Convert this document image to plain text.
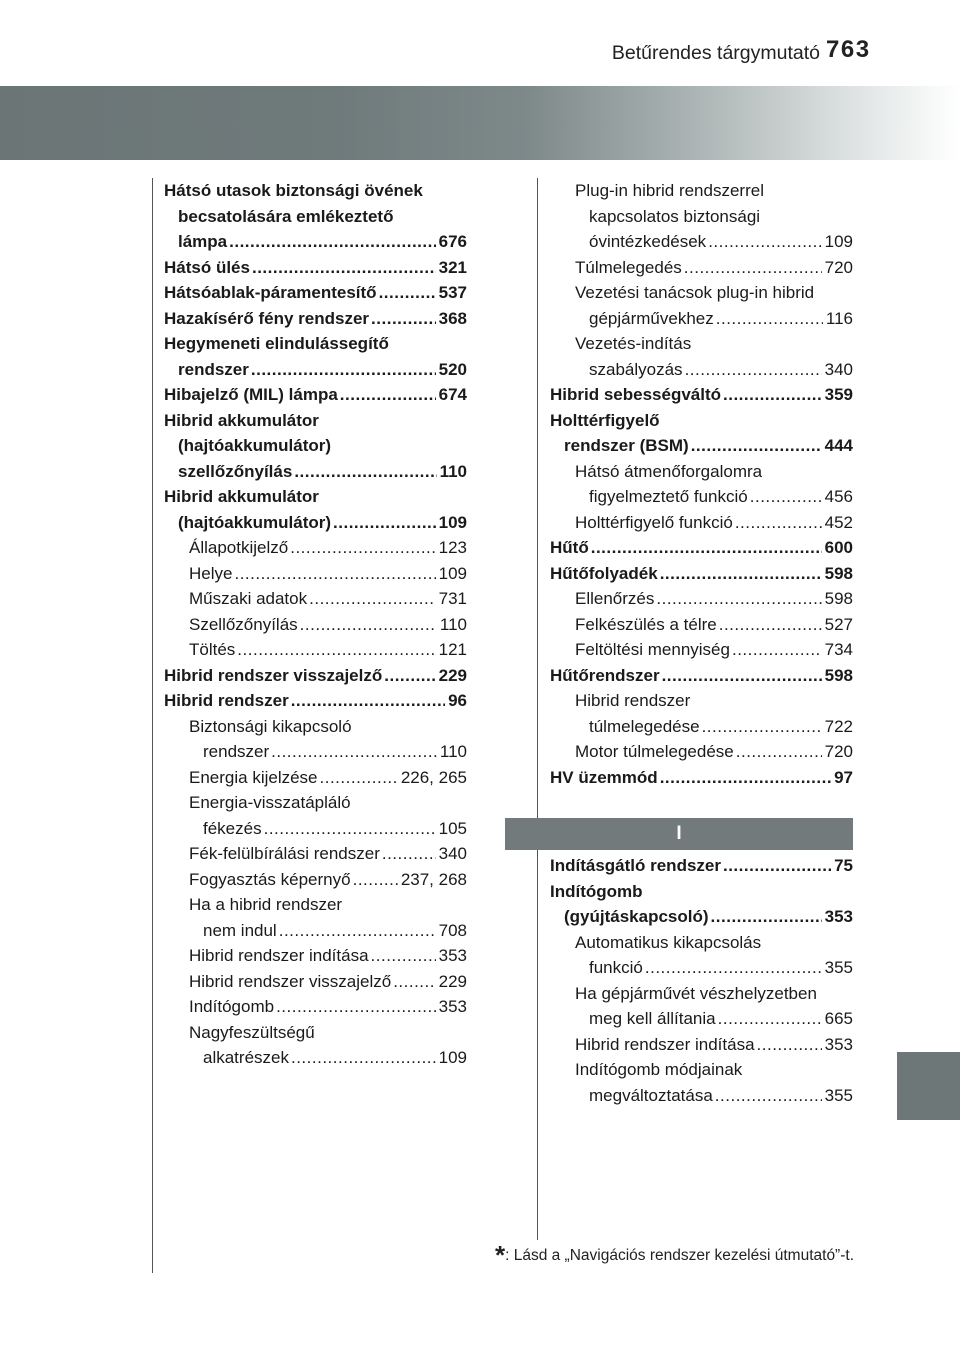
Betűrendes tárgymutató 763
Hátsó utasok biztonsági övének
becsatolására emlékeztető
lámpa .....	676
Hátsó ülés .....	321
Hátsóablak-páramentesítő .....	537
Hazakísérő fény rendszer .....	368
Hegymeneti elindulássegítő
rendszer .....	520
Hibajelző (MIL) lámpa .....	674
Hibrid akkumulátor
(hajtóakkumulátor)
szellőzőnyílás .....	110
Hibrid akkumulátor
(hajtóakkumulátor) .....	109
Állapotkijelző .....	123
Helye .....	109
Műszaki adatok .....	731
Szellőzőnyílás .....	110
Töltés .....	121
Hibrid rendszer visszajelző .....	229
Hibrid rendszer .....	96
Biztonsági kikapcsoló
rendszer .....	110
Energia kijelzése .....	226, 265
Energia-visszatápláló
fékezés .....	105
Fék-felülbírálási rendszer .....	340
Fogyasztás képernyő .....	237, 268
Ha a hibrid rendszer
nem indul .....	708
Hibrid rendszer indítása .....	353
Hibrid rendszer visszajelző .....	229
Indítógomb .....	353
Nagyfeszültségű
alkatrészek .....	109
Plug-in hibrid rendszerrel
kapcsolatos biztonsági
óvintézkedések .....	109
Túlmelegedés .....	720
Vezetési tanácsok plug-in hibrid
gépjárművekhez .....	116
Vezetés-indítás
szabályozás .....	340
Hibrid sebességváltó .....	359
Holttérfigyelő
rendszer (BSM) .....	444
Hátsó átmenőforgalomra
figyelmeztető funkció .....	456
Holttérfigyelő funkció .....	452
Hűtő .....	600
Hűtőfolyadék .....	598
Ellenőrzés .....	598
Felkészülés a télre .....	527
Feltöltési mennyiség .....	734
Hűtőrendszer .....	598
Hibrid rendszer
túlmelegedése .....	722
Motor túlmelegedése .....	720
HV üzemmód .....	97
I
Indításgátló rendszer .....	75
Indítógomb
(gyújtáskapcsoló) .....	353
Automatikus kikapcsolás
funkció .....	355
Ha gépjárművét vészhelyzetben
meg kell állítania .....	665
Hibrid rendszer indítása .....	353
Indítógomb módjainak
megváltoztatása .....	355
*: Lásd a „Navigációs rendszer kezelési útmutató”-t.
